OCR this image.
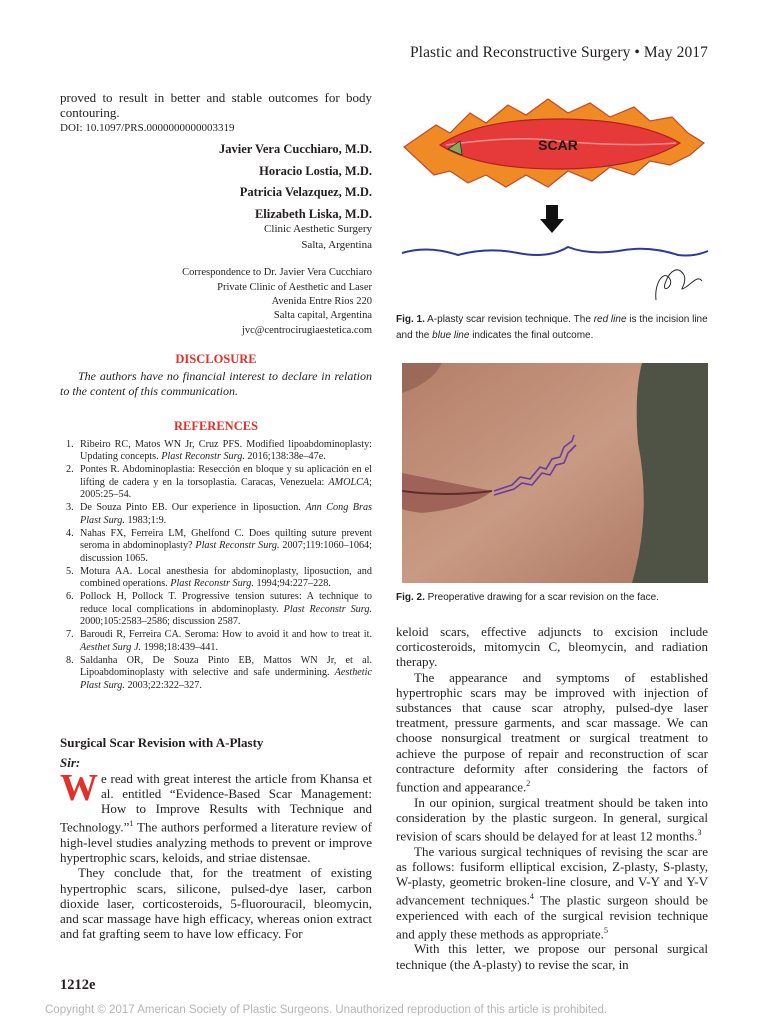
Plastic and Reconstructive Surgery • May 2017

proved to result in better and stable outcomes for body contouring.

DOI: 10.1097/PRS.0000000000003319

Javier Vera Cucchiaro, M.D.
Horacio Lostia, M.D.
Patricia Velazquez, M.D.
Elizabeth Liska, M.D.
Clinic Aesthetic Surgery
Salta, Argentina
Correspondence to Dr. Javier Vera Cucchiaro
Private Clinic of Aesthetic and Laser
Avenida Entre Rios 220
Salta capital, Argentina
jvc@centrocirugiaestetica.com
DISCLOSURE

The authors have no financial interest to declare in relation to the content of this communication.

REFERENCES
1. Ribeiro RC, Matos WN Jr, Cruz PFS. Modified lipoabdominoplasty: Updating concepts. Plast Reconstr Surg. 2016;138:38e–47e.
2. Pontes R. Abdominoplastia: Resección en bloque y su aplicación en el lifting de cadera y en la torsoplastia. Caracas, Venezuela: AMOLCA; 2005:25–54.
3. De Souza Pinto EB. Our experience in liposuction. Ann Cong Bras Plast Surg. 1983;1:9.
4. Nahas FX, Ferreira LM, Ghelfond C. Does quilting suture prevent seroma in abdominoplasty? Plast Reconstr Surg. 2007;119:1060–1064; discussion 1065.
5. Motura AA. Local anesthesia for abdominoplasty, liposuction, and combined operations. Plast Reconstr Surg. 1994;94:227–228.
6. Pollock H, Pollock T. Progressive tension sutures: A technique to reduce local complications in abdominoplasty. Plast Reconstr Surg. 2000;105:2583–2586; discussion 2587.
7. Baroudi R, Ferreira CA. Seroma: How to avoid it and how to treat it. Aesthet Surg J. 1998;18:439–441.
8. Saldanha OR, De Souza Pinto EB, Mattos WN Jr, et al. Lipoabdominoplasty with selective and safe undermining. Aesthetic Plast Surg. 2003;22:322–327.
Surgical Scar Revision with A-Plasty
Sir:

We read with great interest the article from Khansa et al. entitled “Evidence-Based Scar Management: How to Improve Results with Technique and Technology.”$^1$ The authors performed a literature review of high-level studies analyzing methods to prevent or improve hypertrophic scars, keloids, and striae distensae.

They conclude that, for the treatment of existing hypertrophic scars, silicone, pulsed-dye laser, carbon dioxide laser, corticosteroids, 5-fluorouracil, bleomycin, and scar massage have high efficacy, whereas onion extract and fat grafting seem to have low efficacy. For

SCAR
Fig. 1. A-plasty scar revision technique. The red line is the incision line and the blue line indicates the final outcome.
Fig. 2. Preoperative drawing for a scar revision on the face.

keloid scars, effective adjuncts to excision include corticosteroids, mitomycin C, bleomycin, and radiation therapy.

The appearance and symptoms of established hypertrophic scars may be improved with injection of substances that cause scar atrophy, pulsed-dye laser treatment, pressure garments, and scar massage. We can choose nonsurgical treatment or surgical treatment to achieve the purpose of repair and reconstruction of scar contracture deformity after considering the factors of function and appearance.$^2$

In our opinion, surgical treatment should be taken into consideration by the plastic surgeon. In general, surgical revision of scars should be delayed for at least 12 months.$^3$

The various surgical techniques of revising the scar are as follows: fusiform elliptical excision, Z-plasty, S-plasty, W-plasty, geometric broken-line closure, and V-Y and Y-V advancement techniques.$^4$ The plastic surgeon should be experienced with each of the surgical revision technique and apply these methods as appropriate.$^5$

With this letter, we propose our personal surgical technique (the A-plasty) to revise the scar, in

1212e
Copyright © 2017 American Society of Plastic Surgeons. Unauthorized reproduction of this article is prohibited.
